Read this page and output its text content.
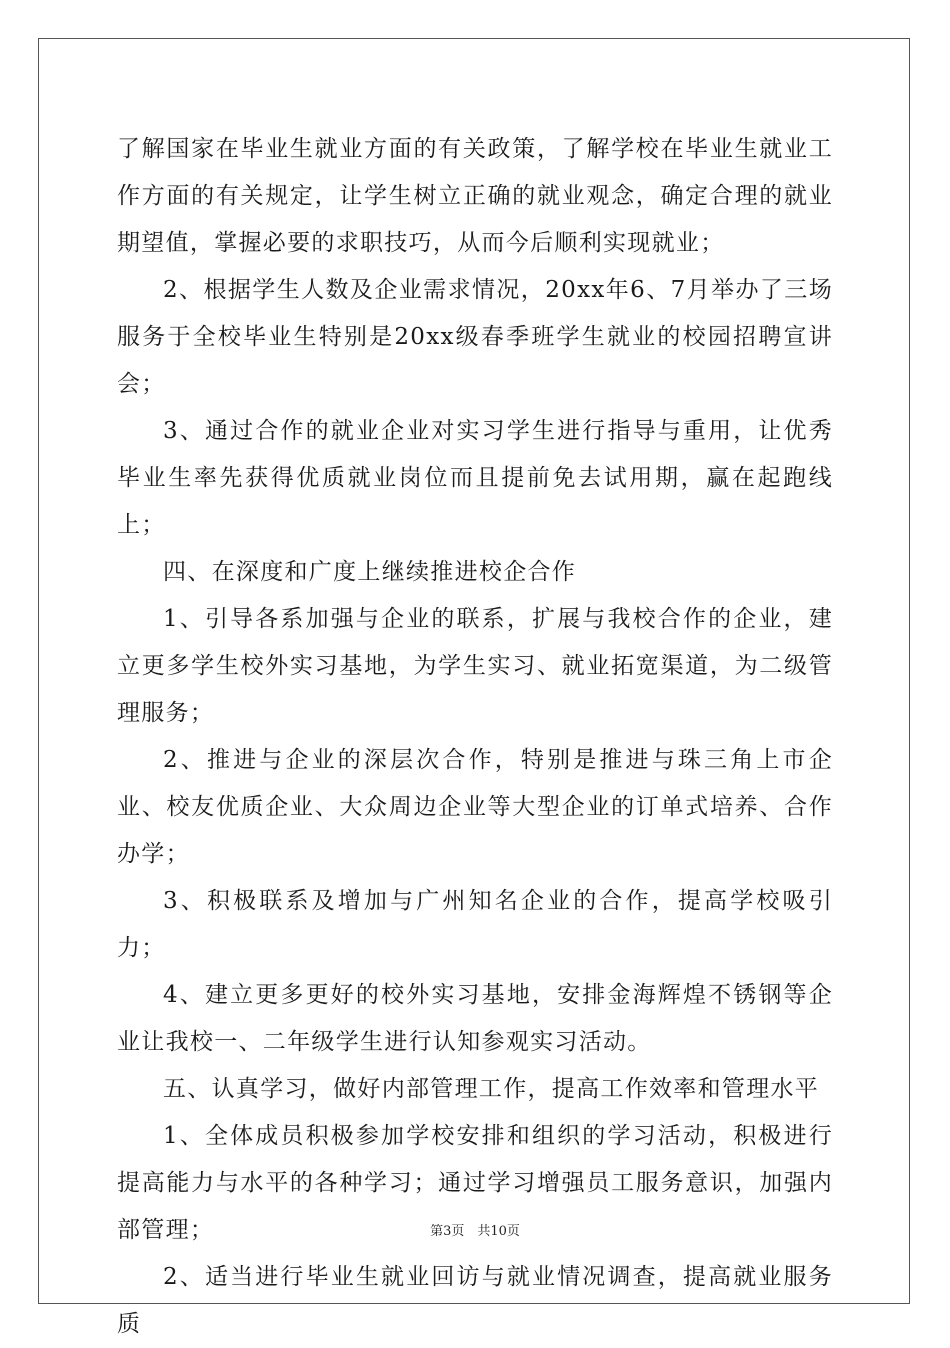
了解国家在毕业生就业方面的有关政策，了解学校在毕业生就业工作方面的有关规定，让学生树立正确的就业观念，确定合理的就业期望值，掌握必要的求职技巧，从而今后顺利实现就业；

2、根据学生人数及企业需求情况，20xx年6、7月举办了三场服务于全校毕业生特别是20xx级春季班学生就业的校园招聘宣讲会；

3、通过合作的就业企业对实习学生进行指导与重用，让优秀毕业生率先获得优质就业岗位而且提前免去试用期，赢在起跑线上；

四、在深度和广度上继续推进校企合作

1、引导各系加强与企业的联系，扩展与我校合作的企业，建立更多学生校外实习基地，为学生实习、就业拓宽渠道，为二级管理服务；

2、推进与企业的深层次合作，特别是推进与珠三角上市企业、校友优质企业、大众周边企业等大型企业的订单式培养、合作办学；

3、积极联系及增加与广州知名企业的合作，提高学校吸引力；

4、建立更多更好的校外实习基地，安排金海辉煌不锈钢等企业让我校一、二年级学生进行认知参观实习活动。

五、认真学习，做好内部管理工作，提高工作效率和管理水平

1、全体成员积极参加学校安排和组织的学习活动，积极进行提高能力与水平的各种学习；通过学习增强员工服务意识，加强内部管理；

2、适当进行毕业生就业回访与就业情况调查，提高就业服务质

第3页　共10页
